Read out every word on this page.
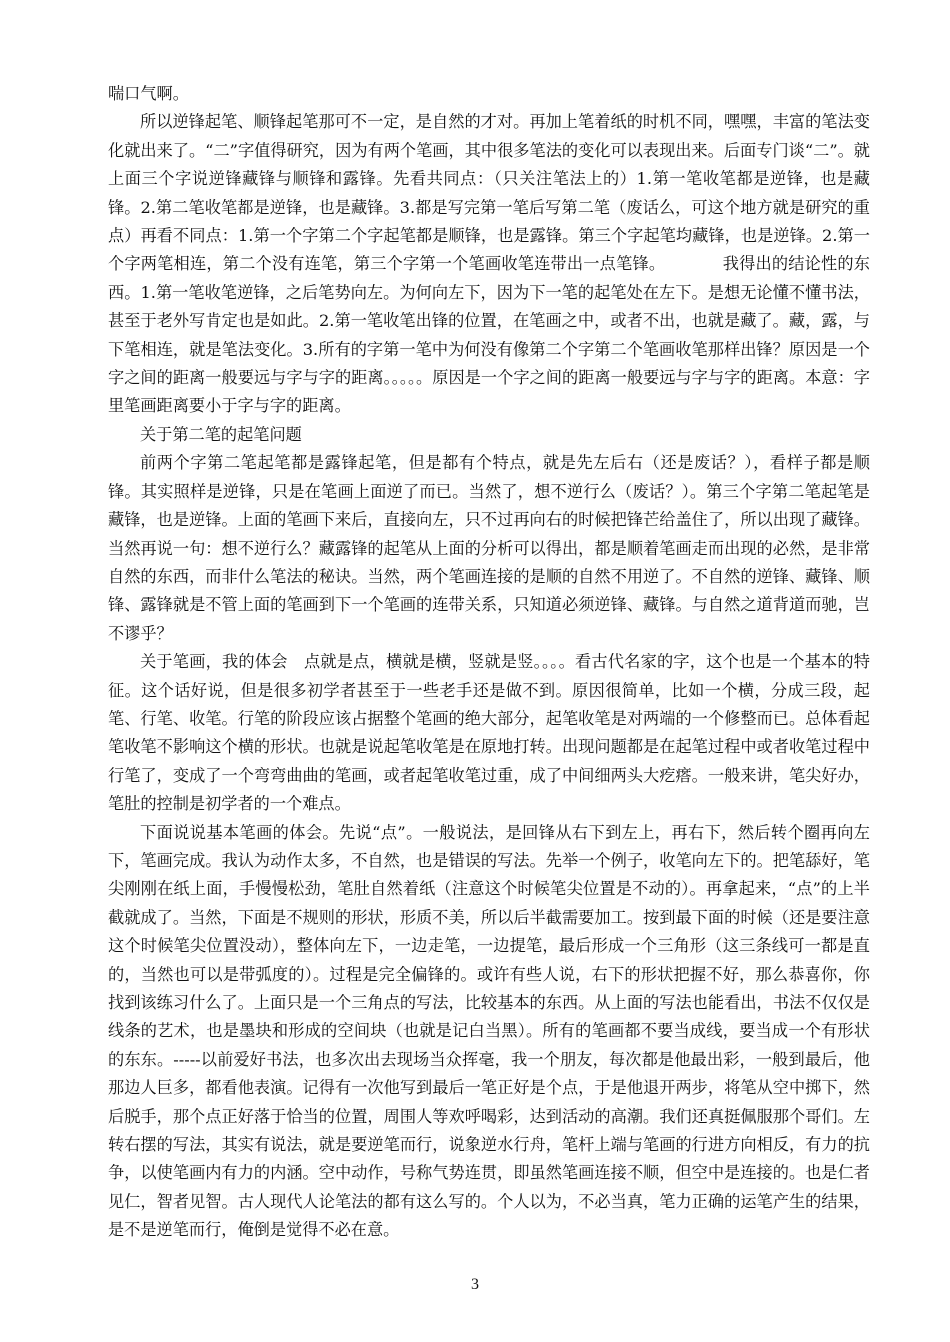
喘口气啊。

所以逆锋起笔、顺锋起笔那可不一定，是自然的才对。再加上笔着纸的时机不同，嘿嘿，丰富的笔法变化就出来了。“二”字值得研究，因为有两个笔画，其中很多笔法的变化可以表现出来。后面专门谈“二”。就上面三个字说逆锋藏锋与顺锋和露锋。先看共同点：（只关注笔法上的）1.第一笔收笔都是逆锋，也是藏锋。2.第二笔收笔都是逆锋，也是藏锋。3.都是写完第一笔后写第二笔（废话么，可这个地方就是研究的重点）再看不同点：1.第一个字第二个字起笔都是顺锋，也是露锋。第三个字起笔均藏锋，也是逆锋。2.第一个字两笔相连，第二个没有连笔，第三个字第一个笔画收笔连带出一点笔锋。　　　　我得出的结论性的东西。1.第一笔收笔逆锋，之后笔势向左。为何向左下，因为下一笔的起笔处在左下。是想无论懂不懂书法，甚至于老外写肯定也是如此。2.第一笔收笔出锋的位置，在笔画之中，或者不出，也就是藏了。藏，露，与下笔相连，就是笔法变化。3.所有的字第一笔中为何没有像第二个字第二个笔画收笔那样出锋？原因是一个字之间的距离一般要远与字与字的距离。。。。。原因是一个字之间的距离一般要远与字与字的距离。本意：字里笔画距离要小于字与字的距离。

关于第二笔的起笔问题

前两个字第二笔起笔都是露锋起笔，但是都有个特点，就是先左后右（还是废话？），看样子都是顺锋。其实照样是逆锋，只是在笔画上面逆了而已。当然了，想不逆行么（废话？）。第三个字第二笔起笔是藏锋，也是逆锋。上面的笔画下来后，直接向左，只不过再向右的时候把锋芒给盖住了，所以出现了藏锋。当然再说一句：想不逆行么？藏露锋的起笔从上面的分析可以得出，都是顺着笔画走而出现的必然，是非常自然的东西，而非什么笔法的秘诀。当然，两个笔画连接的是顺的自然不用逆了。不自然的逆锋、藏锋、顺锋、露锋就是不管上面的笔画到下一个笔画的连带关系，只知道必须逆锋、藏锋。与自然之道背道而驰，岂不谬乎？

关于笔画，我的体会　点就是点，横就是横，竖就是竖。。。。看古代名家的字，这个也是一个基本的特征。这个话好说，但是很多初学者甚至于一些老手还是做不到。原因很简单，比如一个横，分成三段，起笔、行笔、收笔。行笔的阶段应该占据整个笔画的绝大部分，起笔收笔是对两端的一个修整而已。总体看起笔收笔不影响这个横的形状。也就是说起笔收笔是在原地打转。出现问题都是在起笔过程中或者收笔过程中行笔了，变成了一个弯弯曲曲的笔画，或者起笔收笔过重，成了中间细两头大疙瘩。一般来讲，笔尖好办，笔肚的控制是初学者的一个难点。

下面说说基本笔画的体会。先说“点”。一般说法，是回锋从右下到左上，再右下，然后转个圈再向左下，笔画完成。我认为动作太多，不自然，也是错误的写法。先举一个例子，收笔向左下的。把笔舔好，笔尖刚刚在纸上面，手慢慢松劲，笔肚自然着纸（注意这个时候笔尖位置是不动的）。再拿起来，“点”的上半截就成了。当然，下面是不规则的形状，形质不美，所以后半截需要加工。按到最下面的时候（还是要注意这个时候笔尖位置没动），整体向左下，一边走笔，一边提笔，最后形成一个三角形（这三条线可一都是直的，当然也可以是带弧度的）。过程是完全偏锋的。或许有些人说，右下的形状把握不好，那么恭喜你，你找到该练习什么了。上面只是一个三角点的写法，比较基本的东西。从上面的写法也能看出，书法不仅仅是线条的艺术，也是墨块和形成的空间块（也就是记白当黑）。所有的笔画都不要当成线，要当成一个有形状的东东。-----以前爱好书法，也多次出去现场当众挥毫，我一个朋友，每次都是他最出彩，一般到最后，他那边人巨多，都看他表演。记得有一次他写到最后一笔正好是个点，于是他退开两步，将笔从空中掷下，然后脱手，那个点正好落于恰当的位置，周围人等欢呼喝彩，达到活动的高潮。我们还真挺佩服那个哥们。左转右摆的写法，其实有说法，就是要逆笔而行，说象逆水行舟，笔杆上端与笔画的行进方向相反，有力的抗争，以使笔画内有力的内涵。空中动作，号称气势连贯，即虽然笔画连接不顺，但空中是连接的。也是仁者见仁，智者见智。古人现代人论笔法的都有这么写的。个人以为，不必当真，笔力正确的运笔产生的结果，是不是逆笔而行，俺倒是觉得不必在意。

3
